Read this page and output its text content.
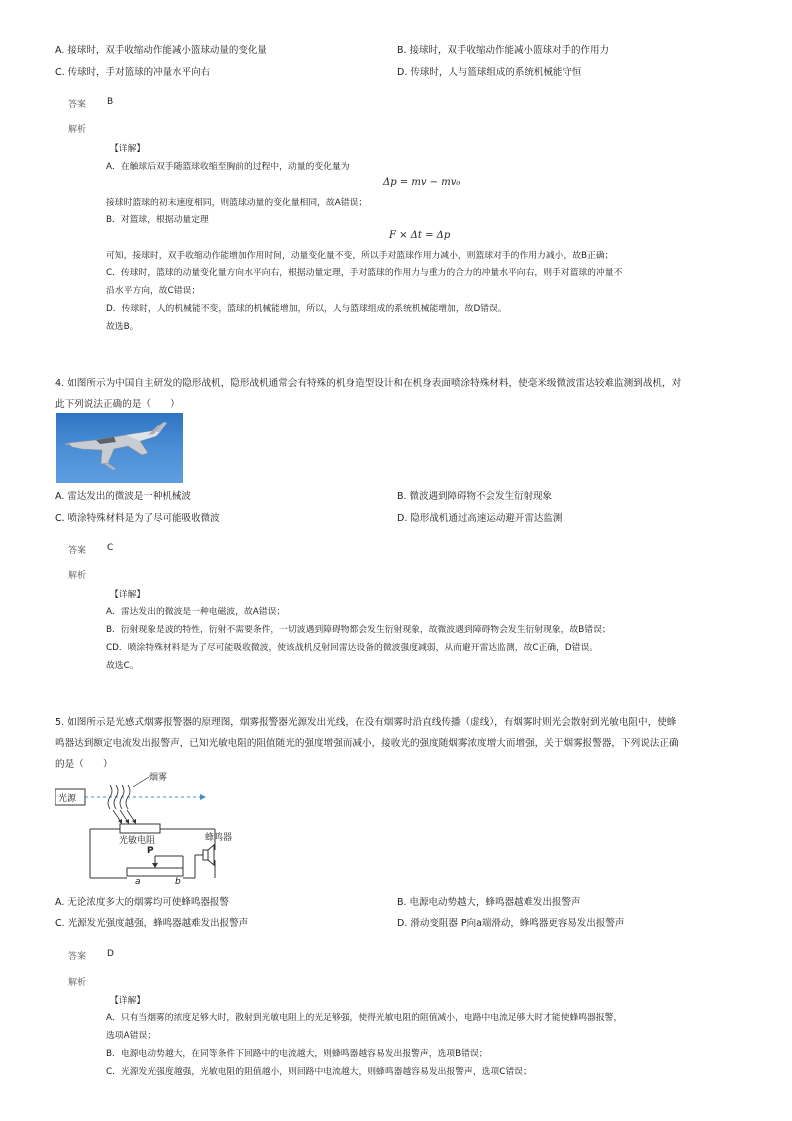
A. 接球时，双手收缩动作能减小篮球动量的变化量	B. 接球时，双手收缩动作能减小篮球对手的作用力
C. 传球时，手对篮球的冲量水平向右	D. 传球时，人与篮球组成的系统机械能守恒
答案 B
解析
【详解】
A．在触球后双手随篮球收缩至胸前的过程中，动量的变化量为
Δp = mv − mv₀
接球时篮球的初末速度相同，则篮球动量的变化量相同，故A错误；
B．对篮球，根据动量定理
F × Δt = Δp
可知，接球时，双手收缩动作能增加作用时间，动量变化量不变，所以手对篮球作用力减小，则篮球对手的作用力减小，故B正确；
C．传球时，篮球的动量变化量方向水平向右，根据动量定理，手对篮球的作用力与重力的合力的冲量水平向右，则手对篮球的冲量不
沿水平方向，故C错误；
D．传球时，人的机械能不变，篮球的机械能增加，所以，人与篮球组成的系统机械能增加，故D错误。
故选B。
4. 如图所示为中国自主研发的隐形战机，隐形战机通常会有特殊的机身造型设计和在机身表面喷涂特殊材料，使毫米级微波雷达较难监测到战机，对
此下列说法正确的是（　　）
A. 雷达发出的微波是一种机械波	B. 微波遇到障碍物不会发生衍射现象
C. 喷涂特殊材料是为了尽可能吸收微波	D. 隐形战机通过高速运动避开雷达监测
答案 C
解析
【详解】
A．雷达发出的微波是一种电磁波，故A错误；
B．衍射现象是波的特性，衍射不需要条件，一切波遇到障碍物都会发生衍射现象，故微波遇到障碍物会发生衍射现象，故B错误；
CD．喷涂特殊材料是为了尽可能吸收微波，使该战机反射回雷达设备的微波强度减弱，从而避开雷达监测，故C正确，D错误。
故选C。
5. 如图所示是光感式烟雾报警器的原理图，烟雾报警器光源发出光线，在没有烟雾时沿直线传播（虚线），有烟雾时则光会散射到光敏电阻中，使蜂
鸣器达到额定电流发出报警声，已知光敏电阻的阻值随光的强度增强而减小，接收光的强度随烟雾浓度增大而增强，关于烟雾报警器，下列说法正确
的是（　　）
光源
烟雾
光敏电阻	蜂鸣器
P
a	b
A. 无论浓度多大的烟雾均可使蜂鸣器报警	B. 电源电动势越大，蜂鸣器越难发出报警声
C. 光源发光强度越强，蜂鸣器越难发出报警声	D. 滑动变阻器 P向a端滑动，蜂鸣器更容易发出报警声
答案 D
解析
【详解】
A．只有当烟雾的浓度足够大时，散射到光敏电阻上的光足够强，使得光敏电阻的阻值减小，电路中电流足够大时才能使蜂鸣器报警，
选项A错误；
B．电源电动势越大，在同等条件下回路中的电流越大，则蜂鸣器越容易发出报警声，选项B错误；
C．光源发光强度越强，光敏电阻的阻值越小，则回路中电流越大，则蜂鸣器越容易发出报警声，选项C错误；
